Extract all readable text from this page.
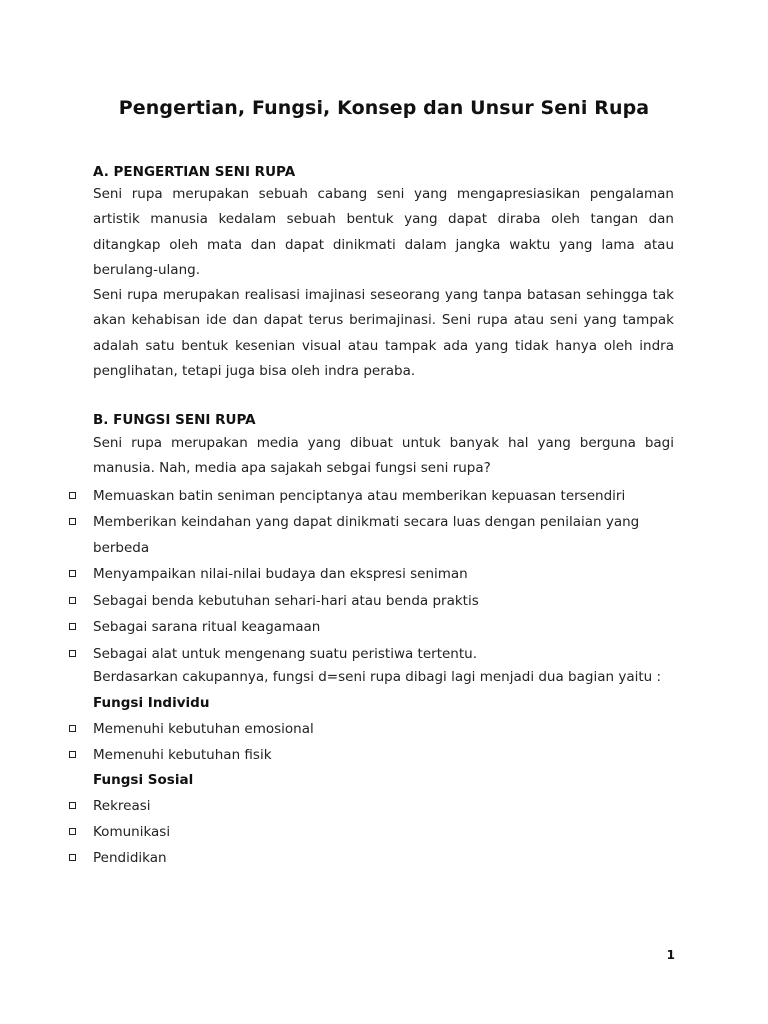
Pengertian, Fungsi, Konsep dan Unsur Seni Rupa
A. PENGERTIAN SENI RUPA
Seni rupa merupakan sebuah cabang seni yang mengapresiasikan pengalaman artistik manusia kedalam sebuah bentuk yang dapat diraba oleh tangan dan ditangkap oleh mata dan dapat dinikmati dalam jangka waktu yang lama atau berulang-ulang.
Seni rupa merupakan realisasi imajinasi seseorang yang tanpa batasan sehingga tak akan kehabisan ide dan dapat terus berimajinasi. Seni rupa atau seni yang tampak adalah satu bentuk kesenian visual atau tampak ada yang tidak hanya oleh indra penglihatan, tetapi juga bisa oleh indra peraba.
B. FUNGSI SENI RUPA
Seni rupa merupakan media yang dibuat untuk banyak hal yang berguna bagi manusia. Nah, media apa sajakah sebgai fungsi seni rupa?
Memuaskan batin seniman penciptanya atau memberikan kepuasan tersendiri
Memberikan keindahan yang dapat dinikmati secara luas dengan penilaian yang berbeda
Menyampaikan nilai-nilai budaya dan ekspresi seniman
Sebagai benda kebutuhan sehari-hari atau benda praktis
Sebagai sarana ritual keagamaan
Sebagai alat untuk mengenang suatu peristiwa tertentu.
Berdasarkan cakupannya, fungsi d=seni rupa dibagi lagi menjadi dua bagian yaitu :
Fungsi Individu
Memenuhi kebutuhan emosional
Memenuhi kebutuhan fisik
Fungsi Sosial
Rekreasi
Komunikasi
Pendidikan
1
